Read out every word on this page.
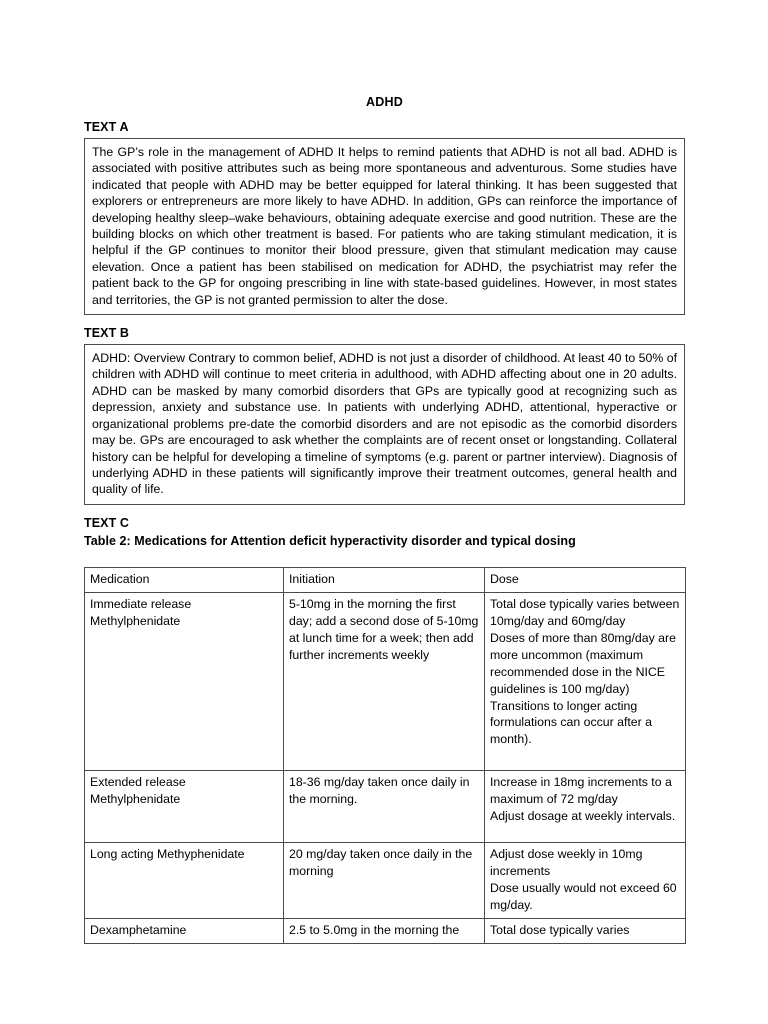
ADHD
TEXT A

The GP’s role in the management of ADHD It helps to remind patients that ADHD is not all bad. ADHD is associated with positive attributes such as being more spontaneous and adventurous. Some studies have indicated that people with ADHD may be better equipped for lateral thinking. It has been suggested that explorers or entrepreneurs are more likely to have ADHD. In addition, GPs can reinforce the importance of developing healthy sleep–wake behaviours, obtaining adequate exercise and good nutrition. These are the building blocks on which other treatment is based. For patients who are taking stimulant medication, it is helpful if the GP continues to monitor their blood pressure, given that stimulant medication may cause elevation. Once a patient has been stabilised on medication for ADHD, the psychiatrist may refer the patient back to the GP for ongoing prescribing in line with state-based guidelines. However, in most states and territories, the GP is not granted permission to alter the dose.

TEXT B

ADHD: Overview Contrary to common belief, ADHD is not just a disorder of childhood. At least 40 to 50% of children with ADHD will continue to meet criteria in adulthood, with ADHD affecting about one in 20 adults. ADHD can be masked by many comorbid disorders that GPs are typically good at recognizing such as depression, anxiety and substance use. In patients with underlying ADHD, attentional, hyperactive or organizational problems pre-date the comorbid disorders and are not episodic as the comorbid disorders may be. GPs are encouraged to ask whether the complaints are of recent onset or longstanding. Collateral history can be helpful for developing a timeline of symptoms (e.g. parent or partner interview). Diagnosis of underlying ADHD in these patients will significantly improve their treatment outcomes, general health and quality of life.

TEXT C
Table 2: Medications for Attention deficit hyperactivity disorder and typical dosing
Medication	Initiation	Dose

Immediate release Methylphenidate	5-10mg in the morning the first day; add a second dose of 5-10mg at lunch time for a week; then add further increments weekly	Total dose typically varies between 10mg/day and 60mg/day
Doses of more than 80mg/day are more uncommon (maximum recommended dose in the NICE guidelines is 100 mg/day)
Transitions to longer acting formulations can occur after a month).

Extended release Methylphenidate	18-36 mg/day taken once daily in the morning.	Increase in 18mg increments to a maximum of 72 mg/day
Adjust dosage at weekly intervals.

Long acting Methyphenidate	20 mg/day taken once daily in the morning	Adjust dose weekly in 10mg increments
Dose usually would not exceed 60 mg/day.

Dexamphetamine	2.5 to 5.0mg in the morning the	Total dose typically varies
